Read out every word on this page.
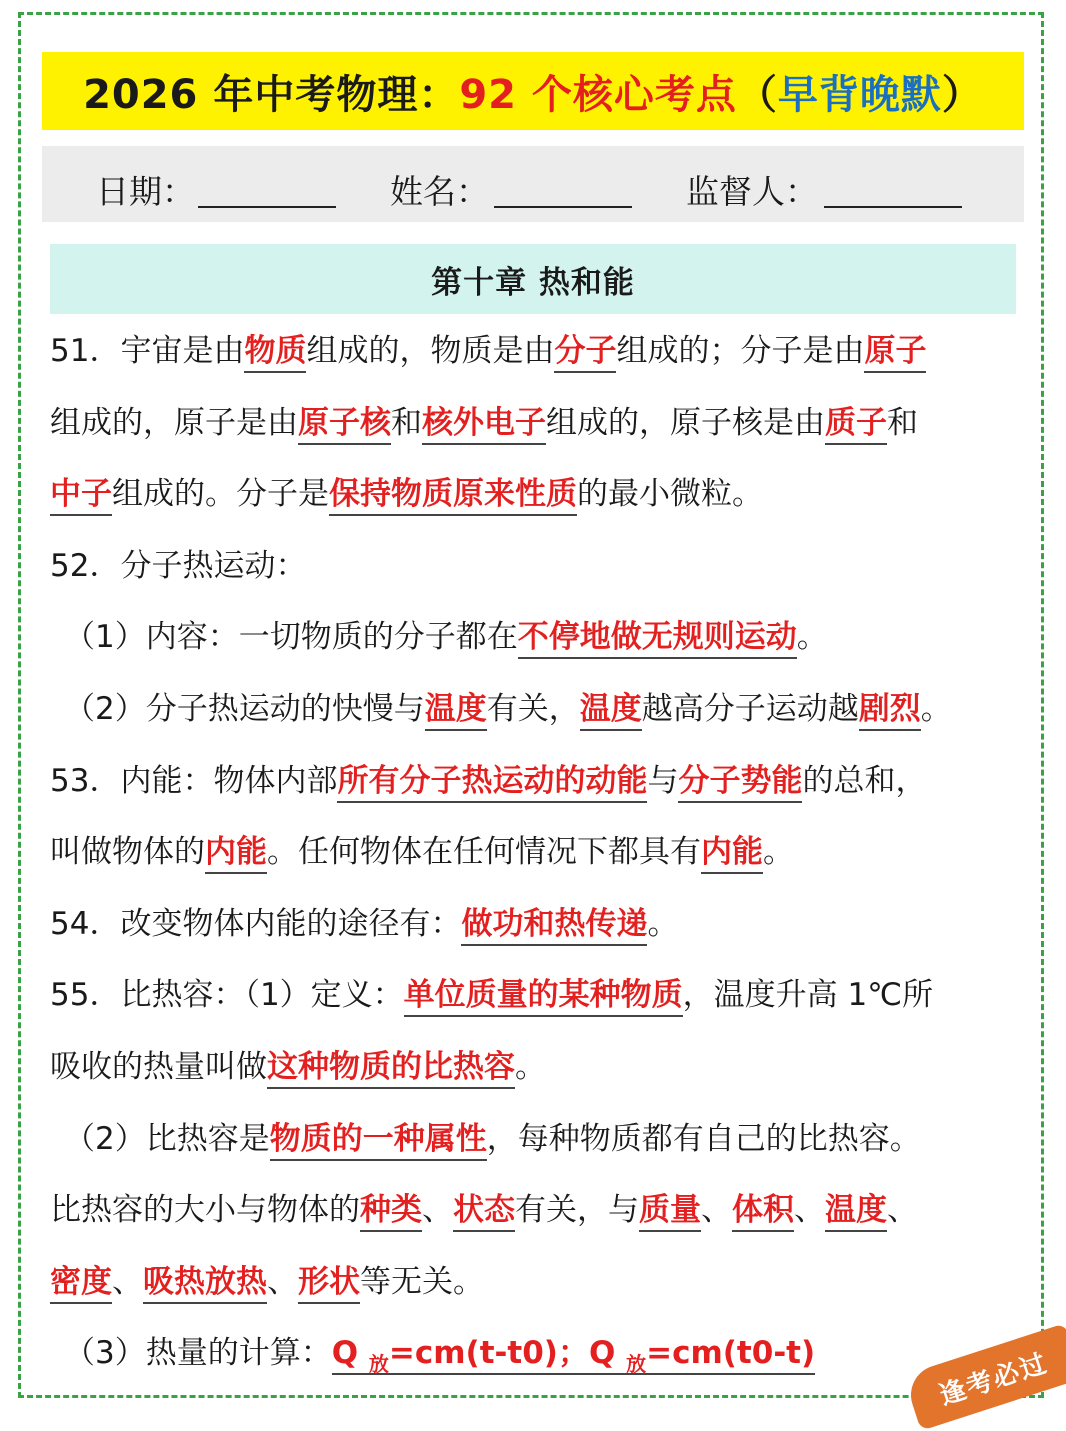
2026 年中考物理： 92 个核心考点 （ 早背晚默 ）
日期：	姓名：	监督人：
第十章 热和能

51．宇宙是由物质组成的，物质是由分子组成的；分子是由原子

组成的，原子是由原子核和核外电子组成的，原子核是由质子和

中子组成的。分子是保持物质原来性质的最小微粒。

52．分子热运动：

（1）内容：一切物质的分子都在不停地做无规则运动。

（2）分子热运动的快慢与温度有关，温度越高分子运动越剧烈。

53．内能：物体内部所有分子热运动的动能与分子势能的总和，

叫做物体的内能。任何物体在任何情况下都具有内能。

54．改变物体内能的途径有：做功和热传递。

55．比热容：（1）定义：单位质量的某种物质，温度升高 1℃所

吸收的热量叫做这种物质的比热容。

（2）比热容是物质的一种属性，每种物质都有自己的比热容。

比热容的大小与物体的种类、状态有关，与质量、体积、温度、

密度、吸热放热、形状等无关。

（3）热量的计算：Q $_放$=cm(t-t0)；Q $_放$=cm(t0-t)	逢考必过
